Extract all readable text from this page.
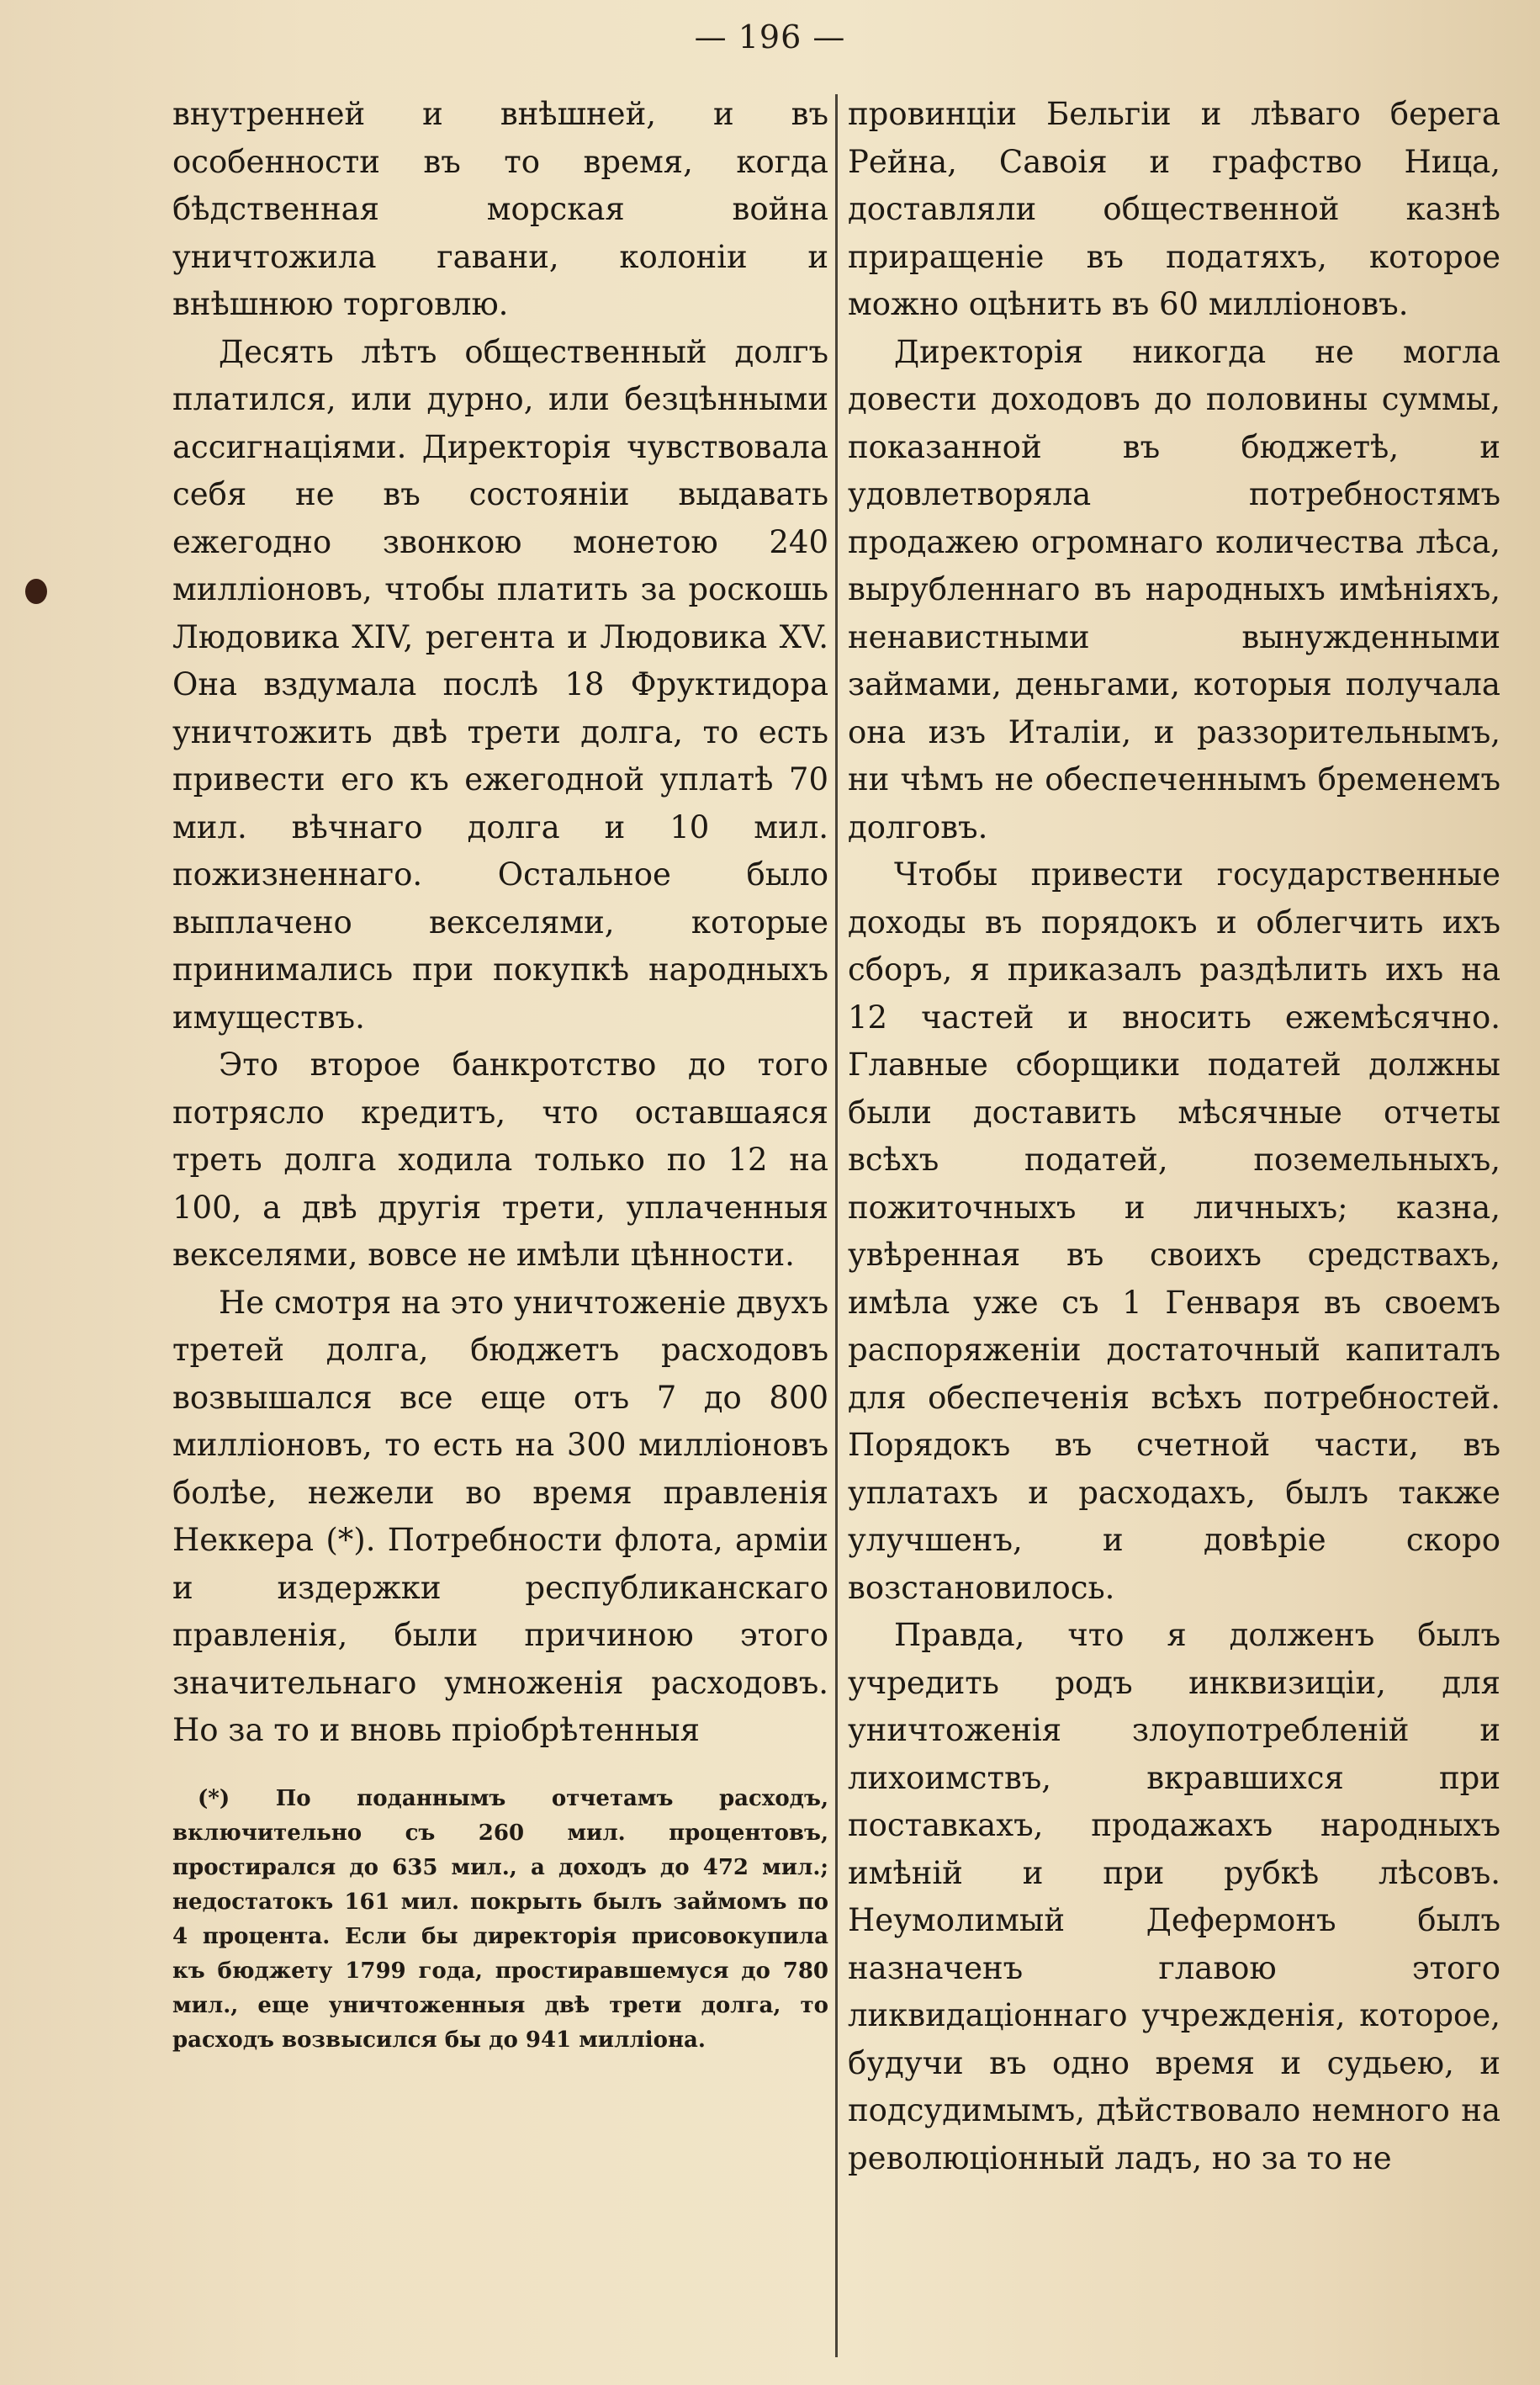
— 196 —

внутренней и внѣшней, и въ особенности въ то время, когда бѣдственная морская война уничтожила гавани, колоніи и внѣшнюю торговлю.

Десять лѣтъ общественный долгъ платился, или дурно, или безцѣнными ассигнаціями. Директорія чувствовала себя не въ состояніи выдавать ежегодно звонкою монетою 240 милліоновъ, чтобы платить за роскошь Людовика XIV, регента и Людовика XV. Она вздумала послѣ 18 Фруктидора уничтожить двѣ трети долга, то есть привести его къ ежегодной уплатѣ 70 мил. вѣчнаго долга и 10 мил. пожизненнаго. Остальное было выплачено векселями, которые принимались при покупкѣ народныхъ имуществъ.

Это второе банкротство до того потрясло кредитъ, что оставшаяся треть долга ходила только по 12 на 100, а двѣ другія трети, уплаченныя векселями, вовсе не имѣли цѣнности.

Не смотря на это уничтоженіе двухъ третей долга, бюджетъ расходовъ возвышался все еще отъ 7 до 800 милліоновъ, то есть на 300 милліоновъ болѣе, нежели во время правленія Неккера (*). Потребности флота, арміи и издержки республиканскаго правленія, были причиною этого значительнаго умноженія расходовъ. Но за то и вновь пріобрѣтенныя

(*) По поданнымъ отчетамъ расходъ, включительно съ 260 мил. процентовъ, простирался до 635 мил., а доходъ до 472 мил.; недостатокъ 161 мил. покрыть былъ займомъ по 4 процента. Если бы директорія присовокупила къ бюджету 1799 года, простиравшемуся до 780 мил., еще уничтоженныя двѣ трети долга, то расходъ возвысился бы до 941 милліона.

провинціи Бельгіи и лѣваго берега Рейна, Савоія и графство Ница, доставляли общественной казнѣ приращеніе въ податяхъ, которое можно оцѣнить въ 60 милліоновъ.

Директорія никогда не могла довести доходовъ до половины суммы, показанной въ бюджетѣ, и удовлетворяла потребностямъ продажею огромнаго количества лѣса, вырубленнаго въ народныхъ имѣніяхъ, ненавистными вынужденными займами, деньгами, которыя получала она изъ Италіи, и раззорительнымъ, ни чѣмъ не обеспеченнымъ бременемъ долговъ.

Чтобы привести государственные доходы въ порядокъ и облегчить ихъ сборъ, я приказалъ раздѣлить ихъ на 12 частей и вносить ежемѣсячно. Главные сборщики податей должны были доставить мѣсячные отчеты всѣхъ податей, поземельныхъ, пожиточныхъ и личныхъ; казна, увѣренная въ своихъ средствахъ, имѣла уже съ 1 Генваря въ своемъ распоряженіи достаточный капиталъ для обеспеченія всѣхъ потребностей. Порядокъ въ счетной части, въ уплатахъ и расходахъ, былъ также улучшенъ, и довѣріе скоро возстановилось.

Правда, что я долженъ былъ учредить родъ инквизиціи, для уничтоженія злоупотребленій и лихоимствъ, вкравшихся при поставкахъ, продажахъ народныхъ имѣній и при рубкѣ лѣсовъ. Неумолимый Дефермонъ былъ назначенъ главою этого ликвидаціоннаго учрежденія, которое, будучи въ одно время и судьею, и подсудимымъ, дѣйствовало немного на революціонный ладъ, но за то не
